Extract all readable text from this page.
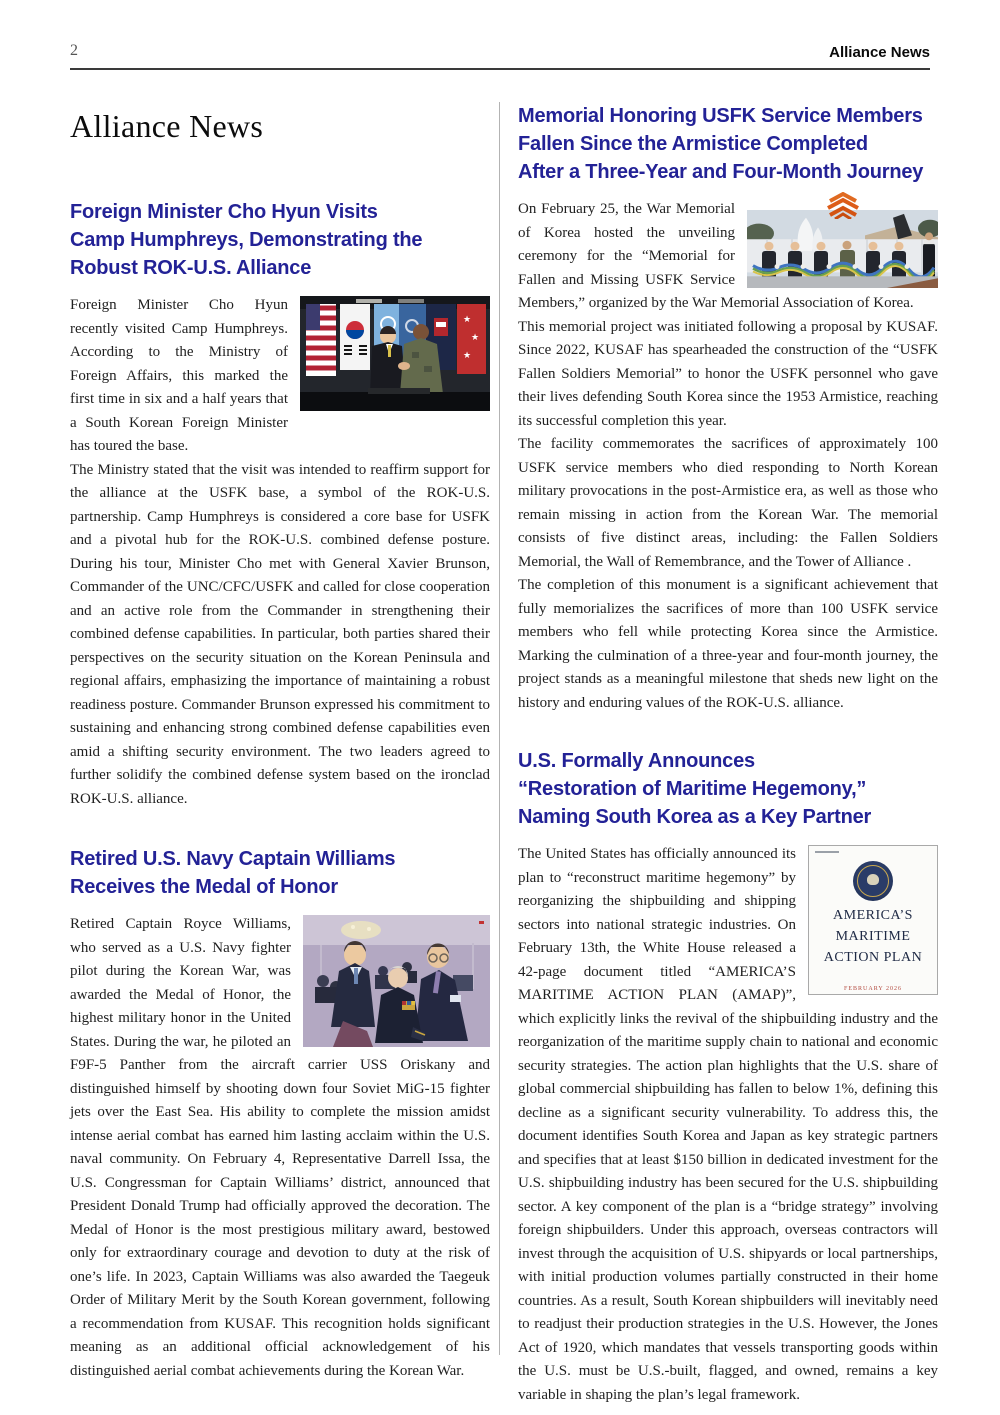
2	Alliance News
Alliance News
Foreign Minister Cho Hyun Visits
Camp Humphreys, Demonstrating the
Robust ROK-U.S. Alliance

★
★
★
Foreign Minister Cho Hyun recently visited Camp Humphreys. According to the Ministry of Foreign Affairs, this marked the first time in six and a half years that a South Korean Foreign Minister has toured the base.

The Ministry stated that the visit was intended to reaffirm support for the alliance at the USFK base, a symbol of the ROK-U.S. partnership. Camp Humphreys is considered a core base for USFK and a pivotal hub for the ROK-U.S. combined defense posture. During his tour, Minister Cho met with General Xavier Brunson, Commander of the UNC/CFC/USFK and called for close cooperation and an active role from the Commander in strengthening their combined defense capabilities. In particular, both parties shared their perspectives on the security situation on the Korean Peninsula and regional affairs, emphasizing the importance of maintaining a robust readiness posture. Commander Brunson expressed his commitment to sustaining and enhancing strong combined defense capabilities even amid a shifting security environment. The two leaders agreed to further solidify the combined defense system based on the ironclad ROK-U.S. alliance.

Retired U.S. Navy Captain Williams
Receives the Medal of Honor

Retired Captain Royce Williams, who served as a U.S. Navy fighter pilot during the Korean War, was awarded the Medal of Honor, the highest military honor in the United States. During the war, he piloted an F9F-5 Panther from the aircraft carrier USS Oriskany and distinguished himself by shooting down four Soviet MiG-15 fighter jets over the East Sea. His ability to complete the mission amidst intense aerial combat has earned him lasting acclaim within the U.S. naval community. On February 4, Representative Darrell Issa, the U.S. Congressman for Captain Williams’ district, announced that President Donald Trump had officially approved the decoration. The Medal of Honor is the most prestigious military award, bestowed only for extraordinary courage and devotion to duty at the risk of one’s life. In 2023, Captain Williams was also awarded the Taegeuk Order of Military Merit by the South Korean government, following a recommendation from KUSAF. This recognition holds significant meaning as an additional official acknowledgement of his distinguished aerial combat achievements during the Korean War.

Memorial Honoring USFK Service Members
Fallen Since the Armistice Completed
After a Three-Year and Four-Month Journey

On February 25, the War Memorial of Korea hosted the unveiling ceremony for the “Memorial for Fallen and Missing USFK Service Members,” organized by the War Memorial Association of Korea.

This memorial project was initiated following a proposal by KUSAF. Since 2022, KUSAF has spearheaded the construction of the “USFK Fallen Soldiers Memorial” to honor the USFK personnel who gave their lives defending South Korea since the 1953 Armistice, reaching its successful completion this year.

The facility commemorates the sacrifices of approximately 100 USFK service members who died responding to North Korean military provocations in the post-Armistice era, as well as those who remain missing in action from the Korean War. The memorial consists of five distinct areas, including: the Fallen Soldiers Memorial, the Wall of Remembrance, and the Tower of Alliance .

The completion of this monument is a significant achievement that fully memorializes the sacrifices of more than 100 USFK service members who fell while protecting Korea since the Armistice. Marking the culmination of a three-year and four-month journey, the project stands as a meaningful milestone that sheds new light on the history and enduring values of the ROK-U.S. alliance.

U.S. Formally Announces
“Restoration of Maritime Hegemony,”
Naming South Korea as a Key Partner

AMERICA’S
MARITIME
ACTION PLAN
FEBRUARY 2026
The United States has officially announced its plan to “reconstruct maritime hegemony” by reorganizing the shipbuilding and shipping sectors into national strategic industries. On February 13th, the White House released a 42-page document titled “AMERICA’S MARITIME ACTION PLAN (AMAP)”, which explicitly links the revival of the shipbuilding industry and the reorganization of the maritime supply chain to national and economic security strategies. The action plan highlights that the U.S. share of global commercial shipbuilding has fallen to below 1%, defining this decline as a significant security vulnerability. To address this, the document identifies South Korea and Japan as key strategic partners and specifies that at least $150 billion in dedicated investment for the U.S. shipbuilding industry has been secured for the U.S. shipbuilding sector. A key component of the plan is a “bridge strategy” involving foreign shipbuilders. Under this approach, overseas contractors will invest through the acquisition of U.S. shipyards or local partnerships, with initial production volumes partially constructed in their home countries. As a result, South Korean shipbuilders will inevitably need to readjust their production strategies in the U.S. However, the Jones Act of 1920, which mandates that vessels transporting goods within the U.S. must be U.S.-built, flagged, and owned, remains a key variable in shaping the plan’s legal framework.
